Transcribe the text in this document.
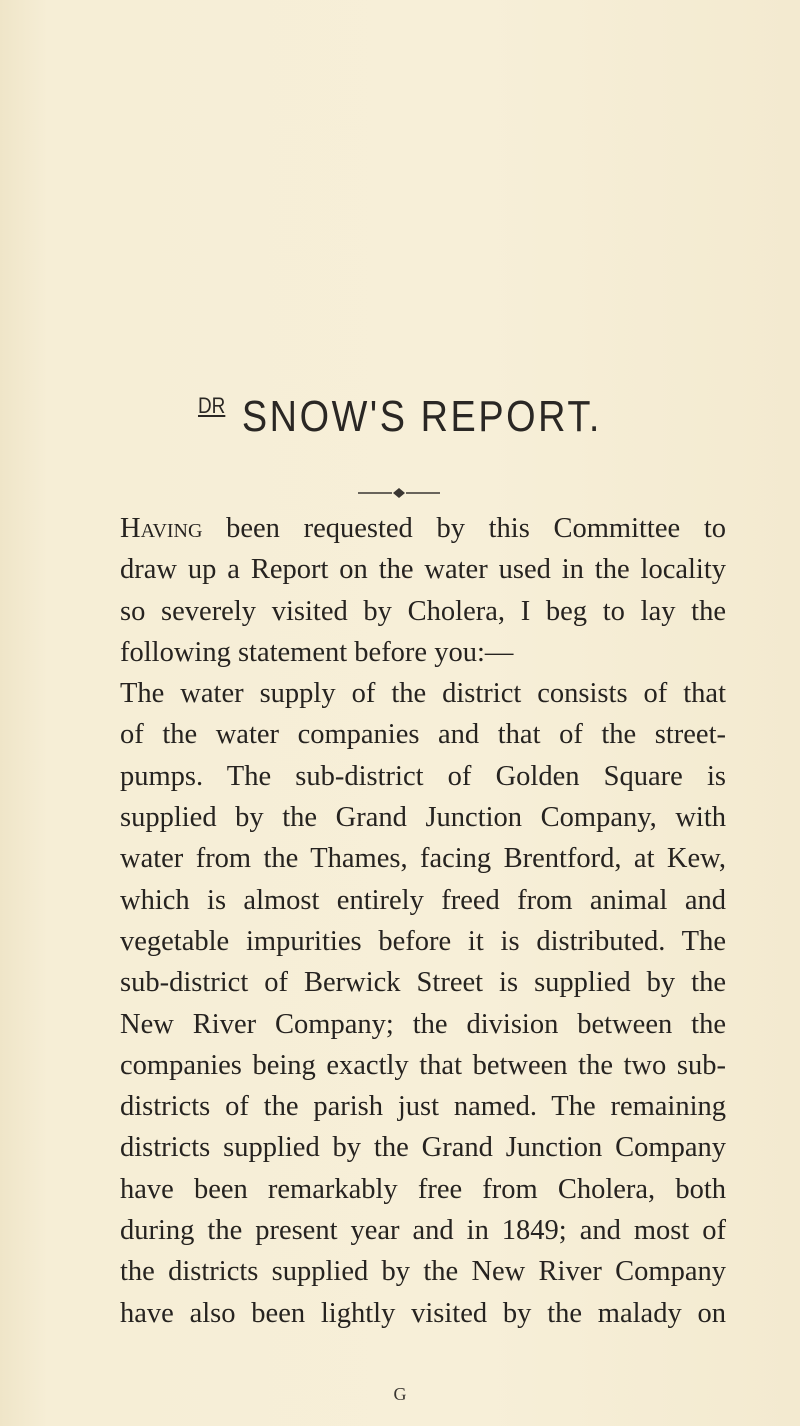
$^{DR}$ SNOW'S REPORT.
Having been requested by this Committee to
draw up a Report on the water used in the locality
so severely visited by Cholera, I beg to lay the
following statement before you:—
The water supply of the district consists of that
of the water companies and that of the street-
pumps. The sub-district of Golden Square is
supplied by the Grand Junction Company, with
water from the Thames, facing Brentford, at Kew,
which is almost entirely freed from animal and
vegetable impurities before it is distributed. The
sub-district of Berwick Street is supplied by the
New River Company; the division between the
companies being exactly that between the two sub-
districts of the parish just named. The remaining
districts supplied by the Grand Junction Company
have been remarkably free from Cholera, both
during the present year and in 1849; and most of
the districts supplied by the New River Company
have also been lightly visited by the malady on
G
